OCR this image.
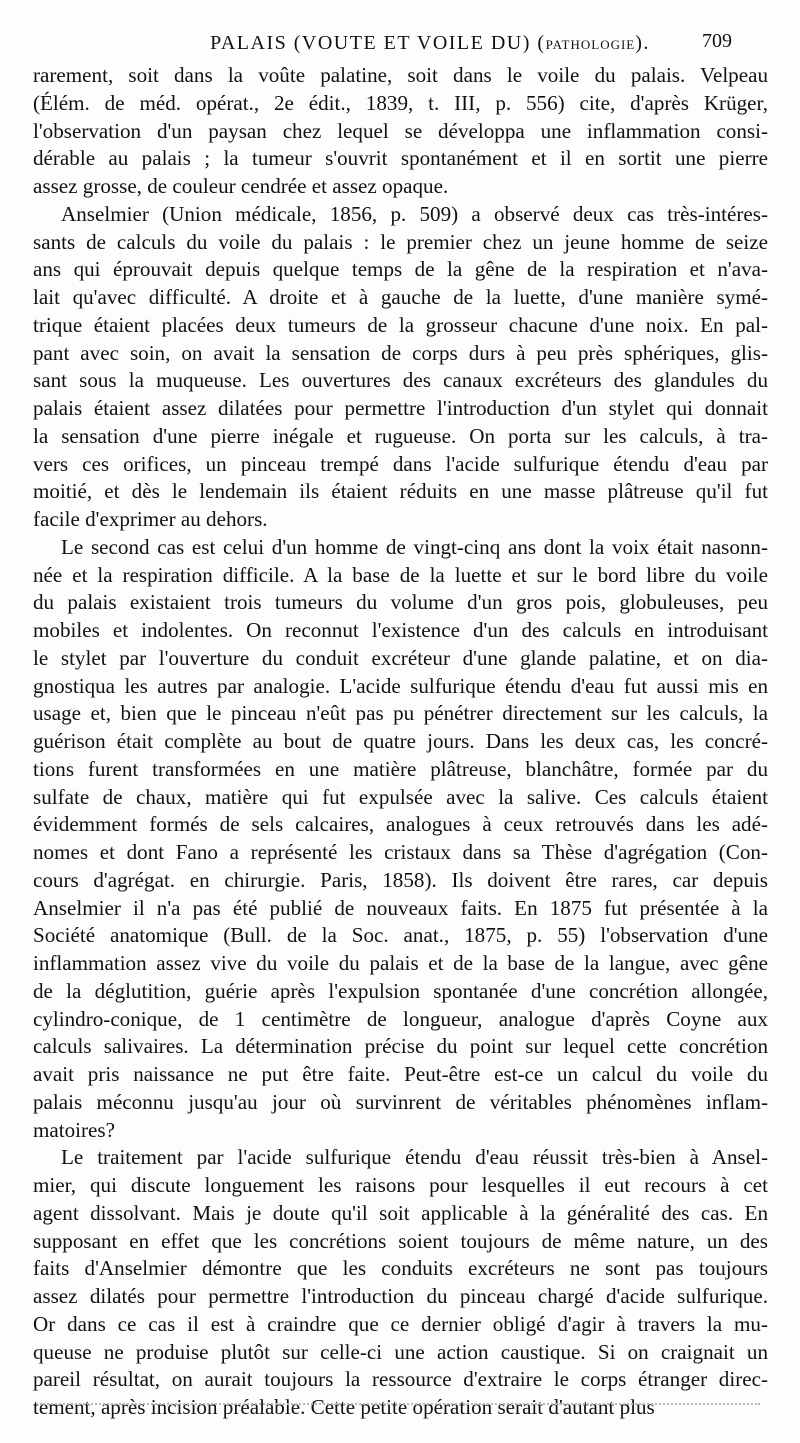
PALAIS (VOUTE ET VOILE DU) (PATHOLOGIE).	709

rarement, soit dans la voûte palatine, soit dans le voile du palais. Velpeau
(Élém. de méd. opérat., 2e édit., 1839, t. III, p. 556) cite, d'après Krüger,
l'observation d'un paysan chez lequel se développa une inflammation consi-
dérable au palais ; la tumeur s'ouvrit spontanément et il en sortit une pierre
assez grosse, de couleur cendrée et assez opaque.

Anselmier (Union médicale, 1856, p. 509) a observé deux cas très-intéres-
sants de calculs du voile du palais : le premier chez un jeune homme de seize
ans qui éprouvait depuis quelque temps de la gêne de la respiration et n'ava-
lait qu'avec difficulté. A droite et à gauche de la luette, d'une manière symé-
trique étaient placées deux tumeurs de la grosseur chacune d'une noix. En pal-
pant avec soin, on avait la sensation de corps durs à peu près sphériques, glis-
sant sous la muqueuse. Les ouvertures des canaux excréteurs des glandules du
palais étaient assez dilatées pour permettre l'introduction d'un stylet qui donnait
la sensation d'une pierre inégale et rugueuse. On porta sur les calculs, à tra-
vers ces orifices, un pinceau trempé dans l'acide sulfurique étendu d'eau par
moitié, et dès le lendemain ils étaient réduits en une masse plâtreuse qu'il fut
facile d'exprimer au dehors.

Le second cas est celui d'un homme de vingt-cinq ans dont la voix était nasonn-
née et la respiration difficile. A la base de la luette et sur le bord libre du voile
du palais existaient trois tumeurs du volume d'un gros pois, globuleuses, peu
mobiles et indolentes. On reconnut l'existence d'un des calculs en introduisant
le stylet par l'ouverture du conduit excréteur d'une glande palatine, et on dia-
gnostiqua les autres par analogie. L'acide sulfurique étendu d'eau fut aussi mis en
usage et, bien que le pinceau n'eût pas pu pénétrer directement sur les calculs, la
guérison était complète au bout de quatre jours. Dans les deux cas, les concré-
tions furent transformées en une matière plâtreuse, blanchâtre, formée par du
sulfate de chaux, matière qui fut expulsée avec la salive. Ces calculs étaient
évidemment formés de sels calcaires, analogues à ceux retrouvés dans les adé-
nomes et dont Fano a représenté les cristaux dans sa Thèse d'agrégation (Con-
cours d'agrégat. en chirurgie. Paris, 1858). Ils doivent être rares, car depuis
Anselmier il n'a pas été publié de nouveaux faits. En 1875 fut présentée à la
Société anatomique (Bull. de la Soc. anat., 1875, p. 55) l'observation d'une
inflammation assez vive du voile du palais et de la base de la langue, avec gêne
de la déglutition, guérie après l'expulsion spontanée d'une concrétion allongée,
cylindro-conique, de 1 centimètre de longueur, analogue d'après Coyne aux
calculs salivaires. La détermination précise du point sur lequel cette concrétion
avait pris naissance ne put être faite. Peut-être est-ce un calcul du voile du
palais méconnu jusqu'au jour où survinrent de véritables phénomènes inflam-
matoires?

Le traitement par l'acide sulfurique étendu d'eau réussit très-bien à Ansel-
mier, qui discute longuement les raisons pour lesquelles il eut recours à cet
agent dissolvant. Mais je doute qu'il soit applicable à la généralité des cas. En
supposant en effet que les concrétions soient toujours de même nature, un des
faits d'Anselmier démontre que les conduits excréteurs ne sont pas toujours
assez dilatés pour permettre l'introduction du pinceau chargé d'acide sulfurique.
Or dans ce cas il est à craindre que ce dernier obligé d'agir à travers la mu-
queuse ne produise plutôt sur celle-ci une action caustique. Si on craignait un
pareil résultat, on aurait toujours la ressource d'extraire le corps étranger direc-
tement, après incision préalable. Cette petite opération serait d'autant plus
